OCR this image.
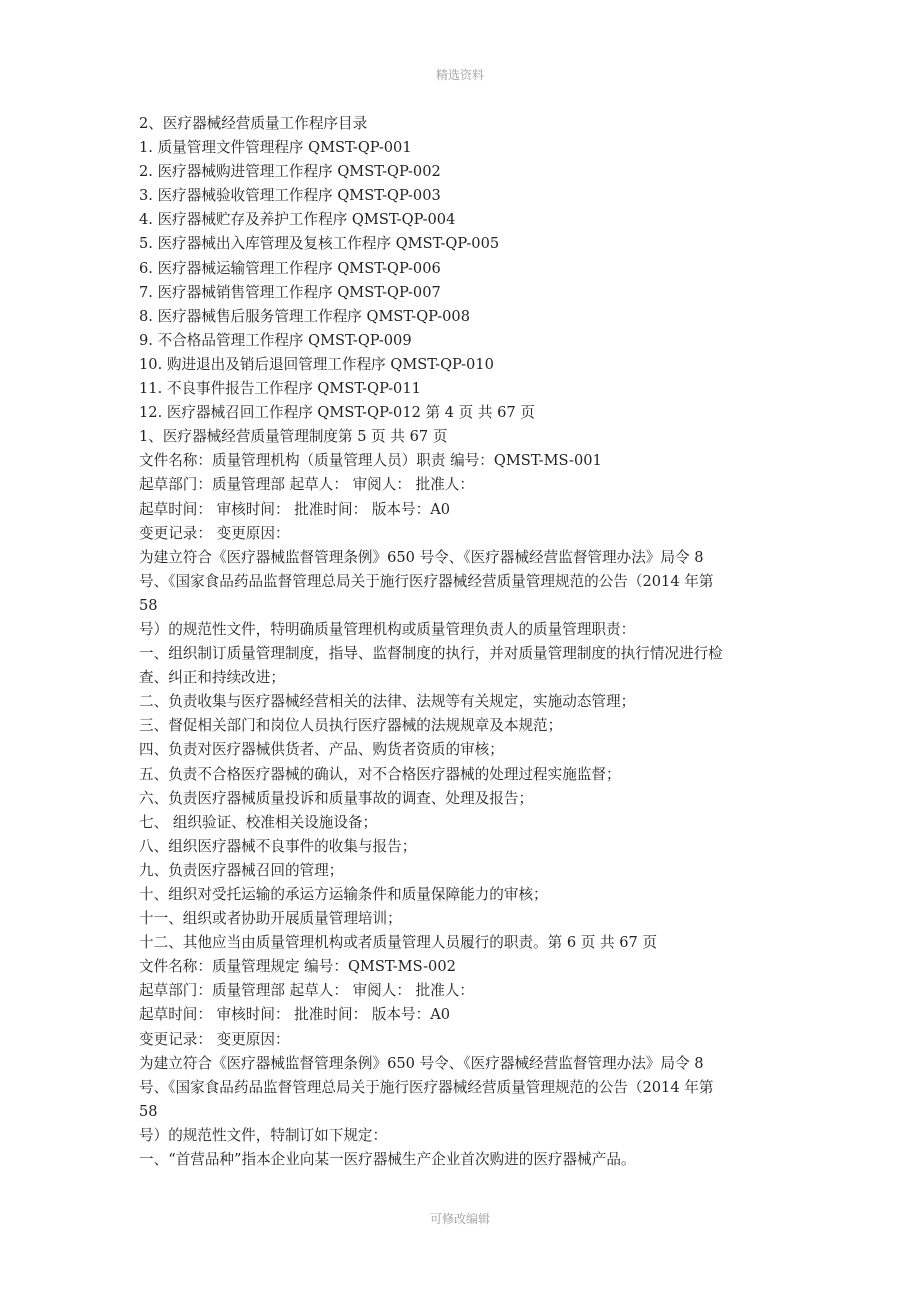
精选资料
2、医疗器械经营质量工作程序目录
1. 质量管理文件管理程序 QMST-QP-001
2. 医疗器械购进管理工作程序 QMST-QP-002
3. 医疗器械验收管理工作程序 QMST-QP-003
4. 医疗器械贮存及养护工作程序 QMST-QP-004
5. 医疗器械出入库管理及复核工作程序 QMST-QP-005
6. 医疗器械运输管理工作程序 QMST-QP-006
7. 医疗器械销售管理工作程序 QMST-QP-007
8. 医疗器械售后服务管理工作程序 QMST-QP-008
9. 不合格品管理工作程序 QMST-QP-009
10. 购进退出及销后退回管理工作程序 QMST-QP-010
11. 不良事件报告工作程序 QMST-QP-011
12. 医疗器械召回工作程序 QMST-QP-012 第 4 页 共 67 页
1、医疗器械经营质量管理制度第 5 页 共 67 页
文件名称：质量管理机构（质量管理人员）职责 编号：QMST-MS-001
起草部门：质量管理部 起草人： 审阅人： 批准人：
起草时间： 审核时间： 批准时间： 版本号：A0
变更记录： 变更原因：
为建立符合《医疗器械监督管理条例》650 号令、《医疗器械经营监督管理办法》局令 8
号、《国家食品药品监督管理总局关于施行医疗器械经营质量管理规范的公告（2014 年第
58
号）的规范性文件，特明确质量管理机构或质量管理负责人的质量管理职责：
一、组织制订质量管理制度，指导、监督制度的执行，并对质量管理制度的执行情况进行检
查、纠正和持续改进；
二、负责收集与医疗器械经营相关的法律、法规等有关规定，实施动态管理；
三、督促相关部门和岗位人员执行医疗器械的法规规章及本规范；
四、负责对医疗器械供货者、产品、购货者资质的审核；
五、负责不合格医疗器械的确认，对不合格医疗器械的处理过程实施监督；
六、负责医疗器械质量投诉和质量事故的调查、处理及报告；
七、 组织验证、校准相关设施设备；
八、组织医疗器械不良事件的收集与报告；
九、负责医疗器械召回的管理；
十、组织对受托运输的承运方运输条件和质量保障能力的审核；
十一、组织或者协助开展质量管理培训；
十二、其他应当由质量管理机构或者质量管理人员履行的职责。第 6 页 共 67 页
文件名称：质量管理规定 编号：QMST-MS-002
起草部门：质量管理部 起草人： 审阅人： 批准人：
起草时间： 审核时间： 批准时间： 版本号：A0
变更记录： 变更原因：
为建立符合《医疗器械监督管理条例》650 号令、《医疗器械经营监督管理办法》局令 8
号、《国家食品药品监督管理总局关于施行医疗器械经营质量管理规范的公告（2014 年第
58
号）的规范性文件，特制订如下规定：
一、“首营品种”指本企业向某一医疗器械生产企业首次购进的医疗器械产品。
可修改编辑
